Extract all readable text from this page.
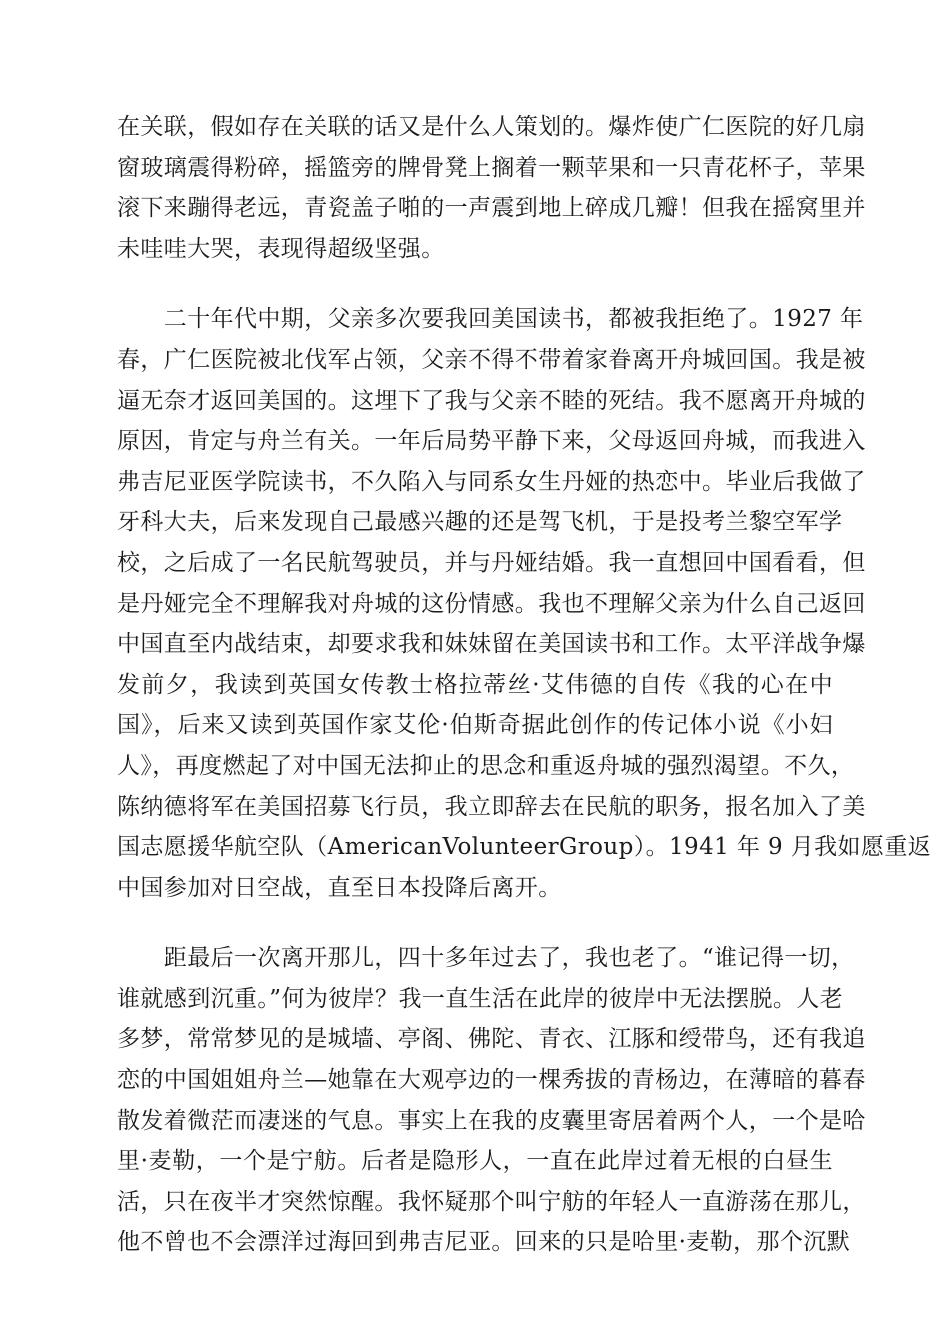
在关联，假如存在关联的话又是什么人策划的。爆炸使广仁医院的好几扇
窗玻璃震得粉碎，摇篮旁的牌骨凳上搁着一颗苹果和一只青花杯子，苹果
滚下来蹦得老远，青瓷盖子啪的一声震到地上碎成几瓣！但我在摇窝里并
未哇哇大哭，表现得超级坚强。
　　二十年代中期，父亲多次要我回美国读书，都被我拒绝了。1927 年
春，广仁医院被北伐军占领，父亲不得不带着家眷离开舟城回国。我是被
逼无奈才返回美国的。这埋下了我与父亲不睦的死结。我不愿离开舟城的
原因，肯定与舟兰有关。一年后局势平静下来，父母返回舟城，而我进入
弗吉尼亚医学院读书，不久陷入与同系女生丹娅的热恋中。毕业后我做了
牙科大夫，后来发现自己最感兴趣的还是驾飞机，于是投考兰黎空军学
校，之后成了一名民航驾驶员，并与丹娅结婚。我一直想回中国看看，但
是丹娅完全不理解我对舟城的这份情感。我也不理解父亲为什么自己返回
中国直至内战结束，却要求我和妹妹留在美国读书和工作。太平洋战争爆
发前夕，我读到英国女传教士格拉蒂丝·艾伟德的自传《我的心在中
国》，后来又读到英国作家艾伦·伯斯奇据此创作的传记体小说《小妇
人》，再度燃起了对中国无法抑止的思念和重返舟城的强烈渴望。不久，
陈纳德将军在美国招募飞行员，我立即辞去在民航的职务，报名加入了美
国志愿援华航空队（AmericanVolunteerGroup）。1941 年 9 月我如愿重返
中国参加对日空战，直至日本投降后离开。
　　距最后一次离开那儿，四十多年过去了，我也老了。“谁记得一切，
谁就感到沉重。”何为彼岸？我一直生活在此岸的彼岸中无法摆脱。人老
多梦，常常梦见的是城墙、亭阁、佛陀、青衣、江豚和绶带鸟，还有我追
恋的中国姐姐舟兰—她靠在大观亭边的一棵秀拔的青杨边，在薄暗的暮春
散发着微茫而凄迷的气息。事实上在我的皮囊里寄居着两个人，一个是哈
里·麦勒，一个是宁舫。后者是隐形人，一直在此岸过着无根的白昼生
活，只在夜半才突然惊醒。我怀疑那个叫宁舫的年轻人一直游荡在那儿，
他不曾也不会漂洋过海回到弗吉尼亚。回来的只是哈里·麦勒，那个沉默
